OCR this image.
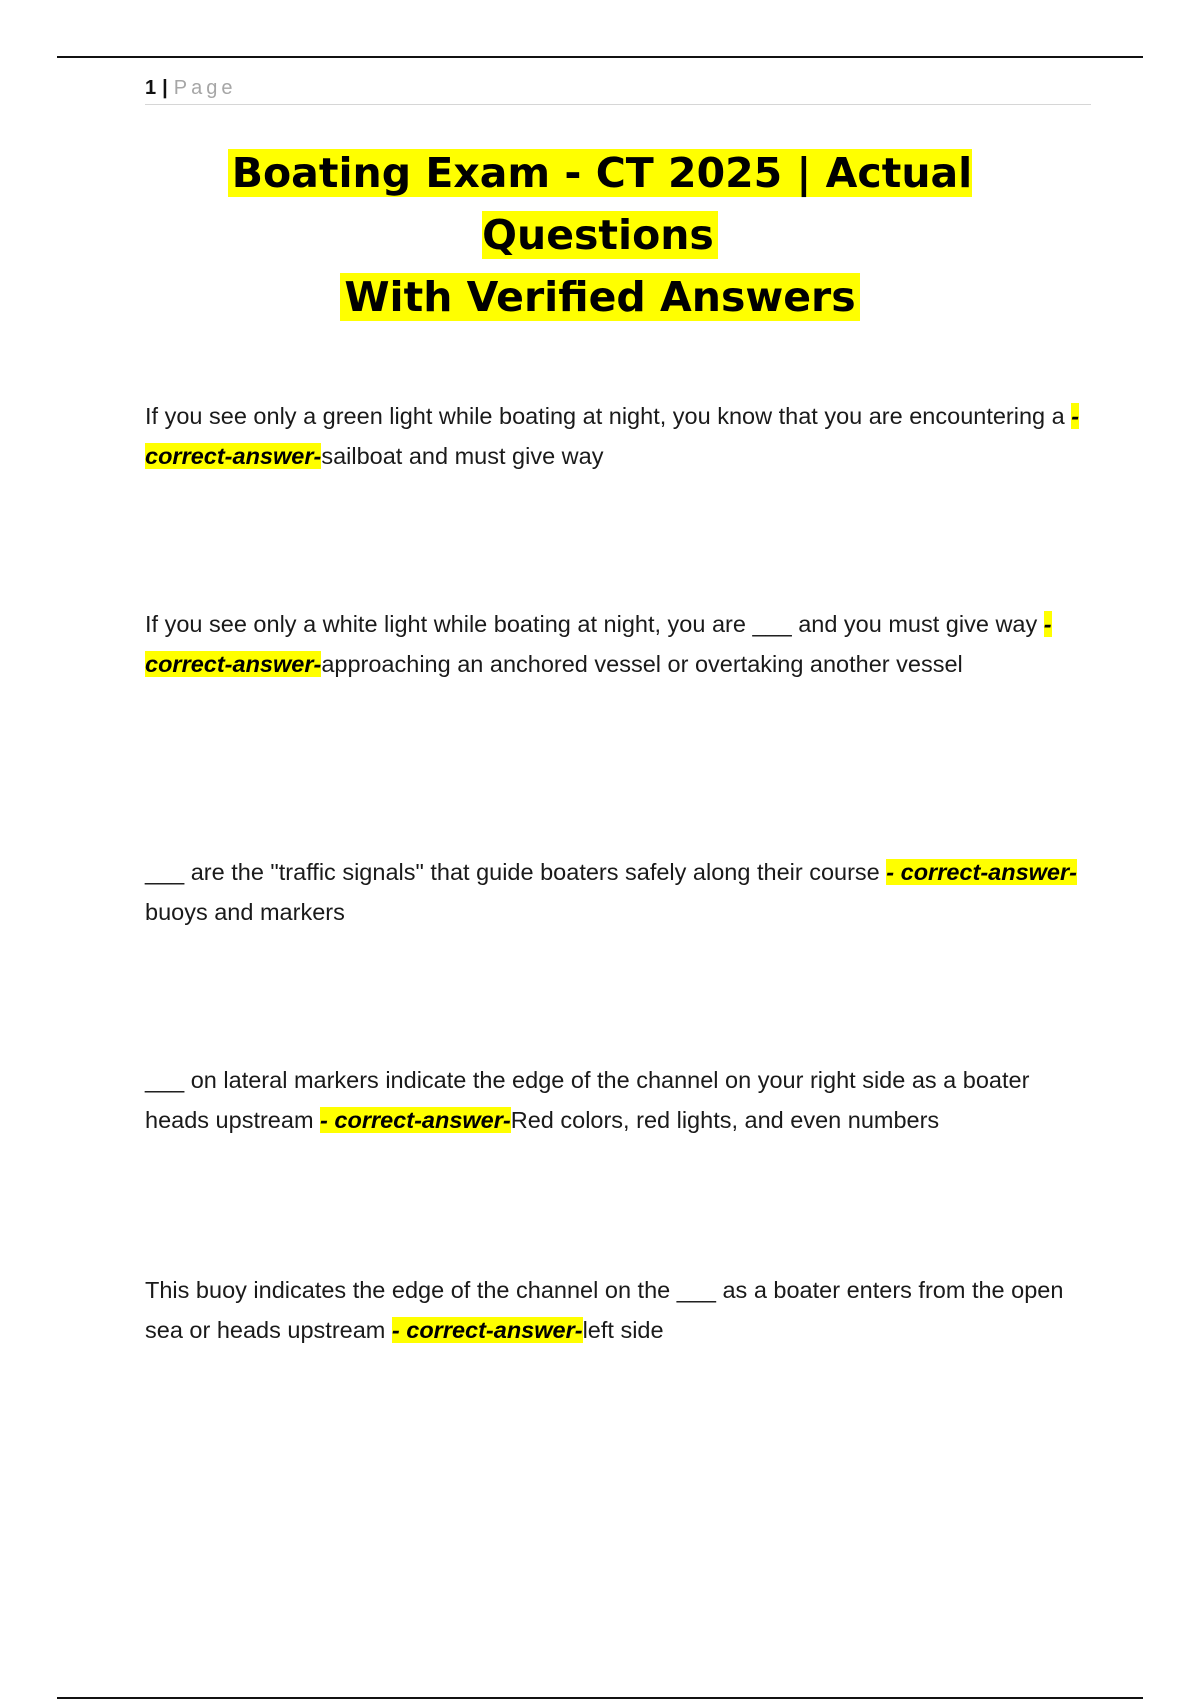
1 | Page
Boating Exam - CT 2025 | Actual Questions
With Verified Answers
If you see only a green light while boating at night, you know that you are encountering a - correct-answer-sailboat and must give way
If you see only a white light while boating at night, you are ___ and you must give way - correct-answer-approaching an anchored vessel or overtaking another vessel
___ are the "traffic signals" that guide boaters safely along their course - correct-answer-buoys and markers
___ on lateral markers indicate the edge of the channel on your right side as a boater heads upstream - correct-answer-Red colors, red lights, and even numbers
This buoy indicates the edge of the channel on the ___ as a boater enters from the open sea or heads upstream - correct-answer-left side
